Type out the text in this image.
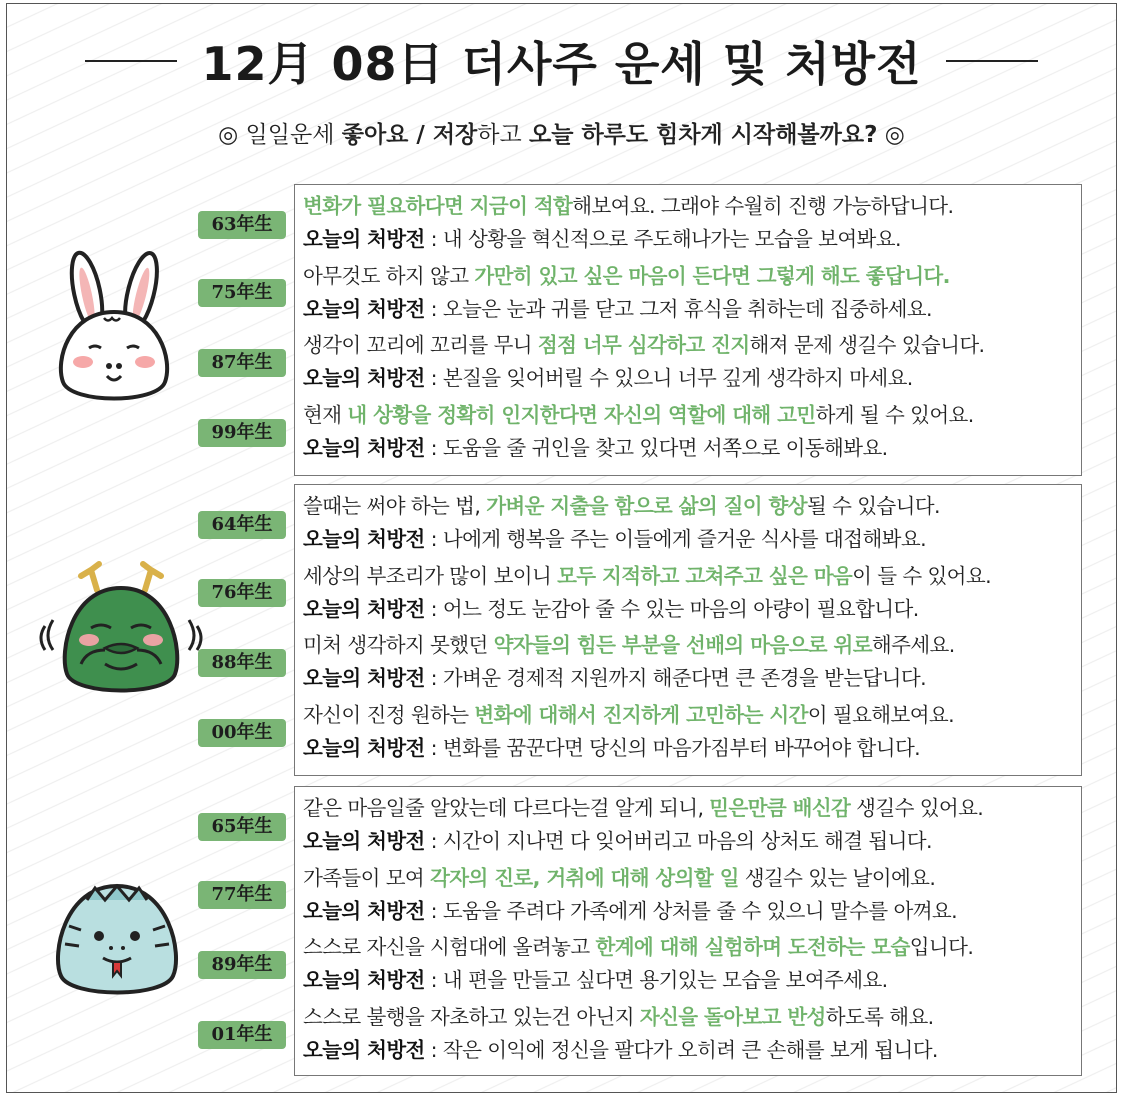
12月 08日 더사주 운세 및 처방전
◎ 일일운세 좋아요 / 저장하고 오늘 하루도 힘차게 시작해볼까요? ◎
63年生
75年生
87年生
99年生
변화가 필요하다면 지금이 적합해보여요. 그래야 수월히 진행 가능하답니다.
오늘의 처방전 : 내 상황을 혁신적으로 주도해나가는 모습을 보여봐요.
아무것도 하지 않고 가만히 있고 싶은 마음이 든다면 그렇게 해도 좋답니다.
오늘의 처방전 : 오늘은 눈과 귀를 닫고 그저 휴식을 취하는데 집중하세요.
생각이 꼬리에 꼬리를 무니 점점 너무 심각하고 진지해져 문제 생길수 있습니다.
오늘의 처방전 : 본질을 잊어버릴 수 있으니 너무 깊게 생각하지 마세요.
현재 내 상황을 정확히 인지한다면 자신의 역할에 대해 고민하게 될 수 있어요.
오늘의 처방전 : 도움을 줄 귀인을 찾고 있다면 서쪽으로 이동해봐요.
64年生
76年生
88年生
00年生
쓸때는 써야 하는 법, 가벼운 지출을 함으로 삶의 질이 향상될 수 있습니다.
오늘의 처방전 : 나에게 행복을 주는 이들에게 즐거운 식사를 대접해봐요.
세상의 부조리가 많이 보이니 모두 지적하고 고쳐주고 싶은 마음이 들 수 있어요.
오늘의 처방전 : 어느 정도 눈감아 줄 수 있는 마음의 아량이 필요합니다.
미처 생각하지 못했던 약자들의 힘든 부분을 선배의 마음으로 위로해주세요.
오늘의 처방전 : 가벼운 경제적 지원까지 해준다면 큰 존경을 받는답니다.
자신이 진정 원하는 변화에 대해서 진지하게 고민하는 시간이 필요해보여요.
오늘의 처방전 : 변화를 꿈꾼다면 당신의 마음가짐부터 바꾸어야 합니다.
65年生
77年生
89年生
01年生
같은 마음일줄 알았는데 다르다는걸 알게 되니, 믿은만큼 배신감 생길수 있어요.
오늘의 처방전 : 시간이 지나면 다 잊어버리고 마음의 상처도 해결 됩니다.
가족들이 모여 각자의 진로, 거취에 대해 상의할 일 생길수 있는 날이에요.
오늘의 처방전 : 도움을 주려다 가족에게 상처를 줄 수 있으니 말수를 아껴요.
스스로 자신을 시험대에 올려놓고 한계에 대해 실험하며 도전하는 모습입니다.
오늘의 처방전 : 내 편을 만들고 싶다면 용기있는 모습을 보여주세요.
스스로 불행을 자초하고 있는건 아닌지 자신을 돌아보고 반성하도록 해요.
오늘의 처방전 : 작은 이익에 정신을 팔다가 오히려 큰 손해를 보게 됩니다.
